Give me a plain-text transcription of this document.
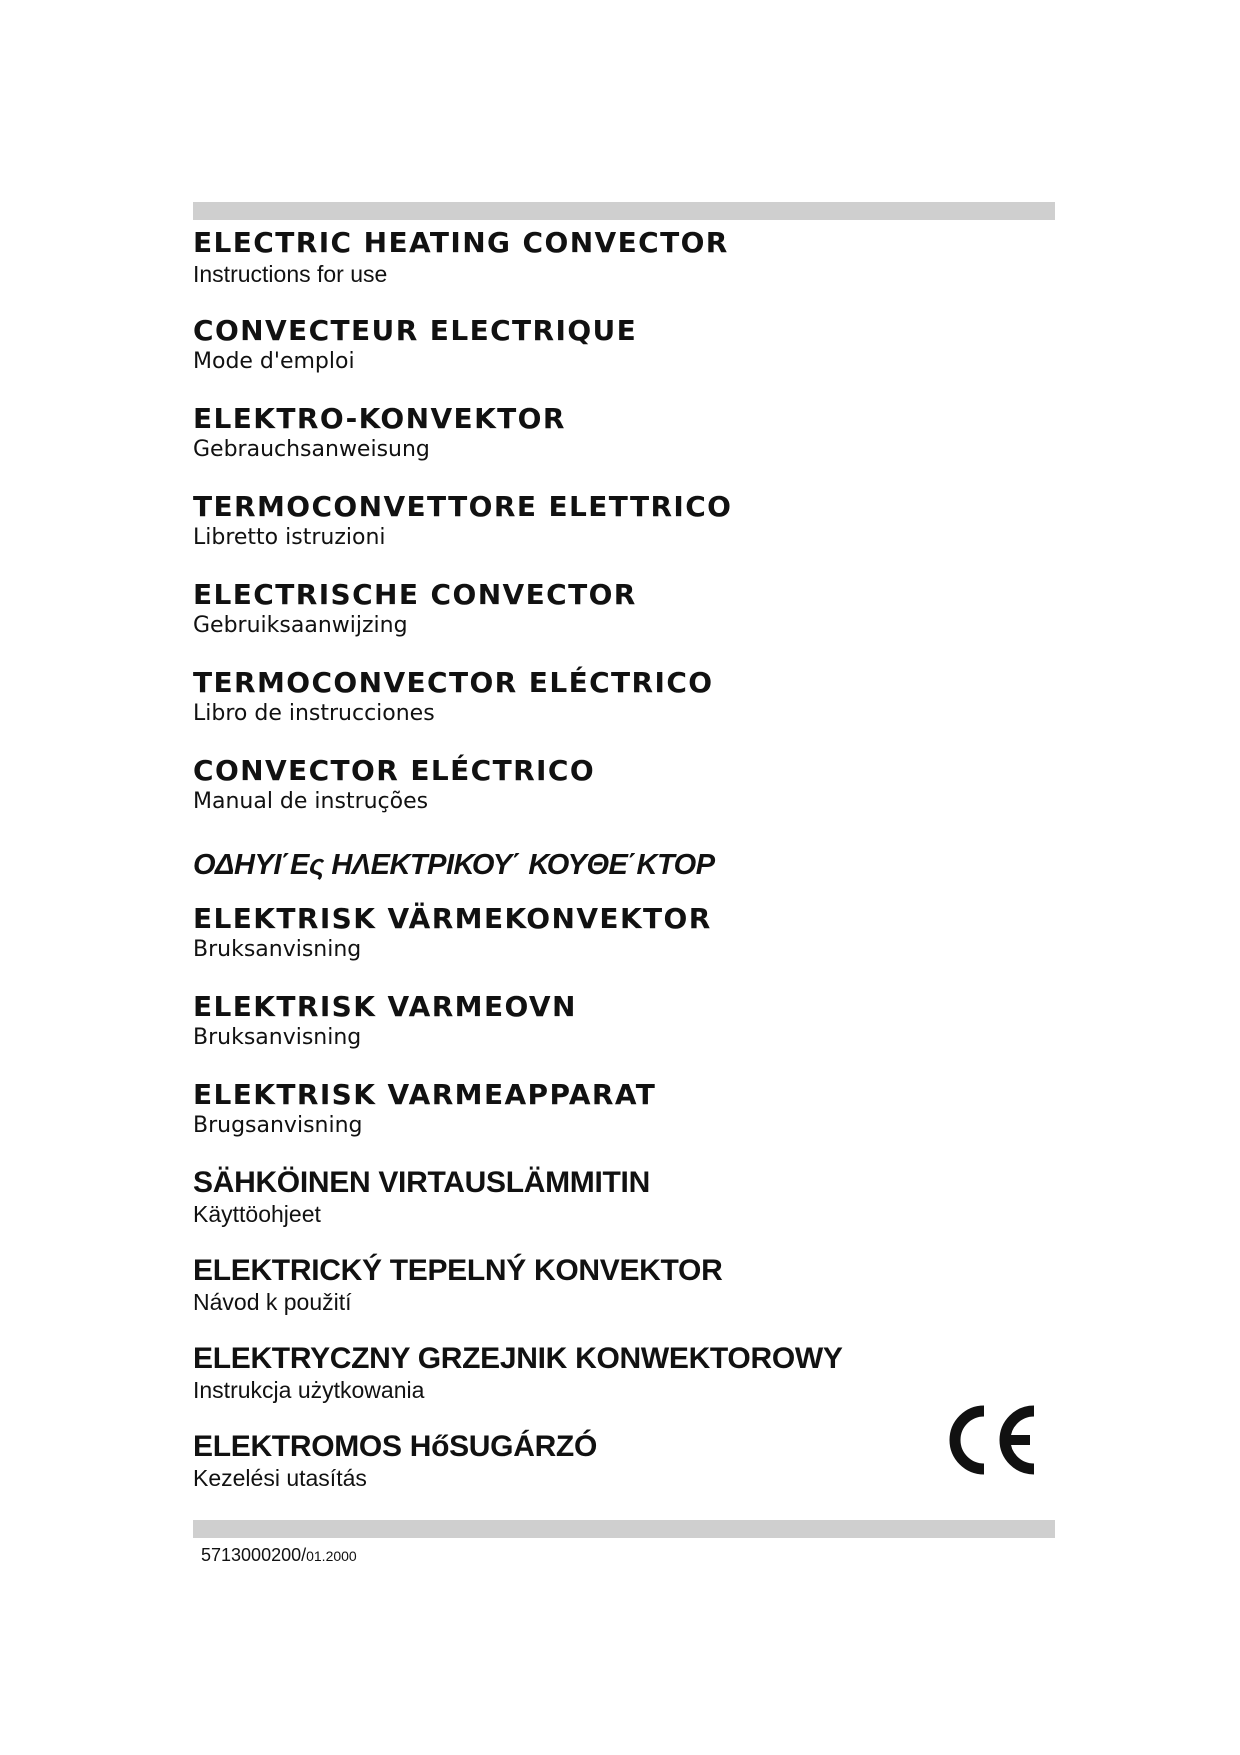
ELECTRIC HEATING CONVECTOR
Instructions for use
CONVECTEUR ELECTRIQUE
Mode d'emploi
ELEKTRO-KONVEKTOR
Gebrauchsanweisung
TERMOCONVETTORE ELETTRICO
Libretto istruzioni
ELECTRISCHE CONVECTOR
Gebruiksaanwijzing
TERMOCONVECTOR ELÉCTRICO
Libro de instrucciones
CONVECTOR ELÉCTRICO
Manual de instruções
ΟΔΗΥΙ΄Ες ΗΛΕΚΤΡΙΚΟΥ΄ ΚΟΥΘΕ΄ΚΤΟΡ
ELEKTRISK VÄRMEKONVEKTOR
Bruksanvisning
ELEKTRISK VARMEOVN
Bruksanvisning
ELEKTRISK VARMEAPPARAT
Brugsanvisning
SÄHKÖINEN VIRTAUSLÄMMITIN
Käyttöohjeet
ELEKTRICKÝ TEPELNÝ KONVEKTOR
Návod k použití
ELEKTRYCZNY GRZEJNIK KONWEKTOROWY
Instrukcja użytkowania
ELEKTROMOS HőSUGÁRZÓ
Kezelési utasítás
5713000200/01.2000
